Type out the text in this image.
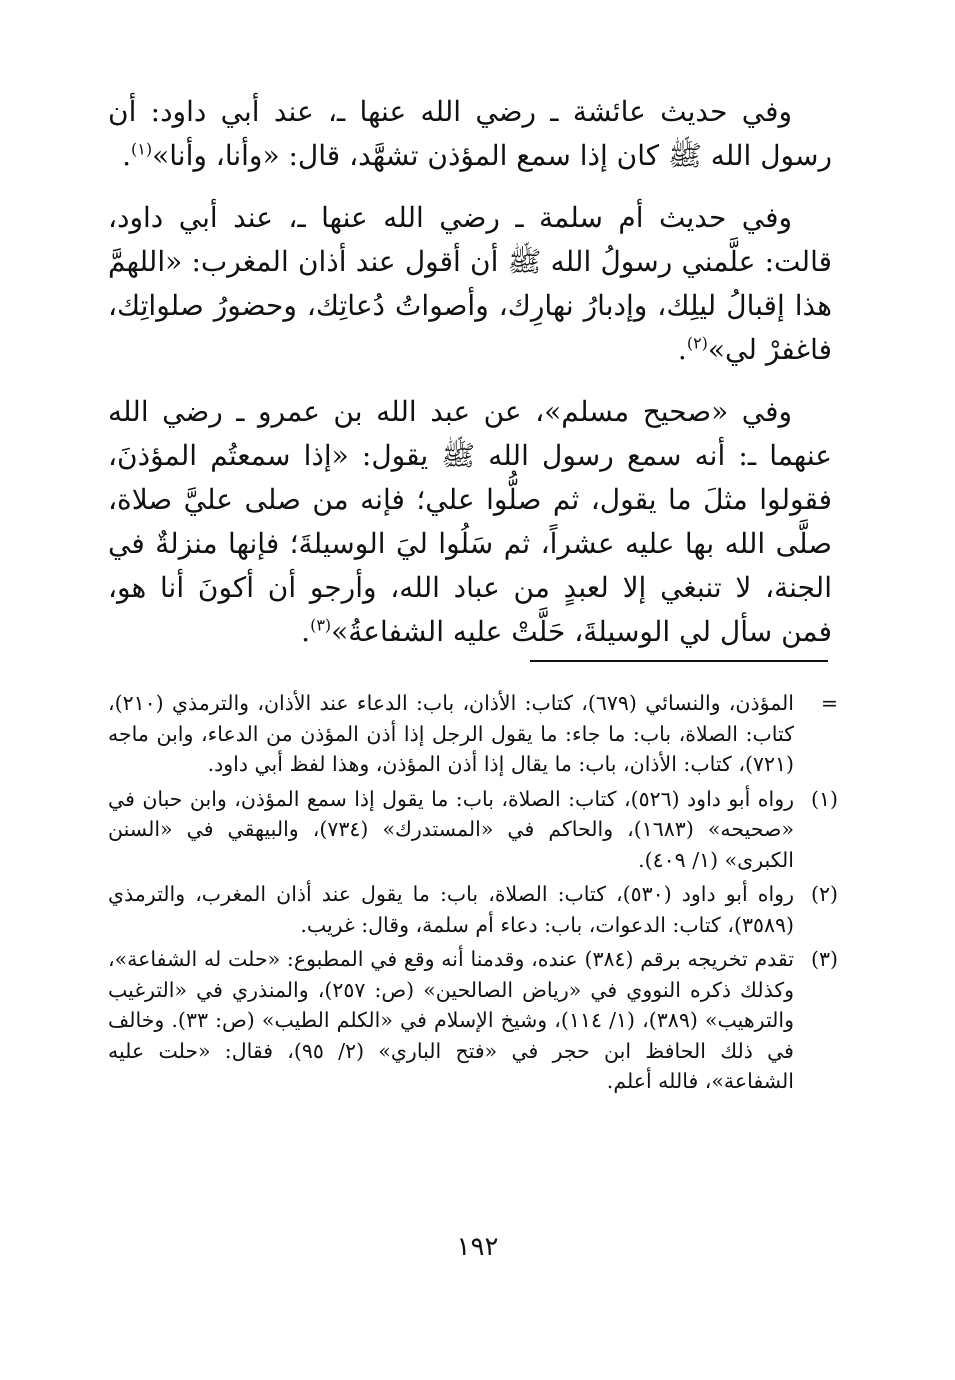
وفي حديث عائشة ـ رضي الله عنها ـ، عند أبي داود: أن رسول الله ﷺ كان إذا سمع المؤذن تشهَّد، قال: «وأنا، وأنا»$^{(١)}$.

وفي حديث أم سلمة ـ رضي الله عنها ـ، عند أبي داود، قالت: علَّمني رسولُ الله ﷺ أن أقول عند أذان المغرب: «اللهمَّ هذا إقبالُ ليلِك، وإدبارُ نهارِك، وأصواتُ دُعاتِك، وحضورُ صلواتِك، فاغفرْ لي»$^{(٢)}$.

وفي «صحيح مسلم»، عن عبد الله بن عمرو ـ رضي الله عنهما ـ: أنه سمع رسول الله ﷺ يقول: «إذا سمعتُم المؤذنَ، فقولوا مثلَ ما يقول، ثم صلُّوا علي؛ فإنه من صلى عليَّ صلاة، صلَّى الله بها عليه عشراً، ثم سَلُوا ليَ الوسيلةَ؛ فإنها منزلةٌ في الجنة، لا تنبغي إلا لعبدٍ من عباد الله، وأرجو أن أكونَ أنا هو، فمن سأل لي الوسيلةَ، حَلَّتْ عليه الشفاعةُ»$^{(٣)}$.

=
المؤذن، والنسائي (٦٧٩)، كتاب: الأذان، باب: الدعاء عند الأذان، والترمذي (٢١٠)، كتاب: الصلاة، باب: ما جاء: ما يقول الرجل إذا أذن المؤذن من الدعاء، وابن ماجه (٧٢١)، كتاب: الأذان، باب: ما يقال إذا أذن المؤذن، وهذا لفظ أبي داود.
(١)
رواه أبو داود (٥٢٦)، كتاب: الصلاة، باب: ما يقول إذا سمع المؤذن، وابن حبان في «صحيحه» (١٦٨٣)، والحاكم في «المستدرك» (٧٣٤)، والبيهقي في «السنن الكبرى» (١/ ٤٠٩).
(٢)
رواه أبو داود (٥٣٠)، كتاب: الصلاة، باب: ما يقول عند أذان المغرب، والترمذي (٣٥٨٩)، كتاب: الدعوات، باب: دعاء أم سلمة، وقال: غريب.
(٣)
تقدم تخريجه برقم (٣٨٤) عنده، وقدمنا أنه وقع في المطبوع: «حلت له الشفاعة»، وكذلك ذكره النووي في «رياض الصالحين» (ص: ٢٥٧)، والمنذري في «الترغيب والترهيب» (٣٨٩)، (١/ ١١٤)، وشيخ الإسلام في «الكلم الطيب» (ص: ٣٣). وخالف في ذلك الحافظ ابن حجر في «فتح الباري» (٢/ ٩٥)، فقال: «حلت عليه الشفاعة»، فالله أعلم.
١٩٢
